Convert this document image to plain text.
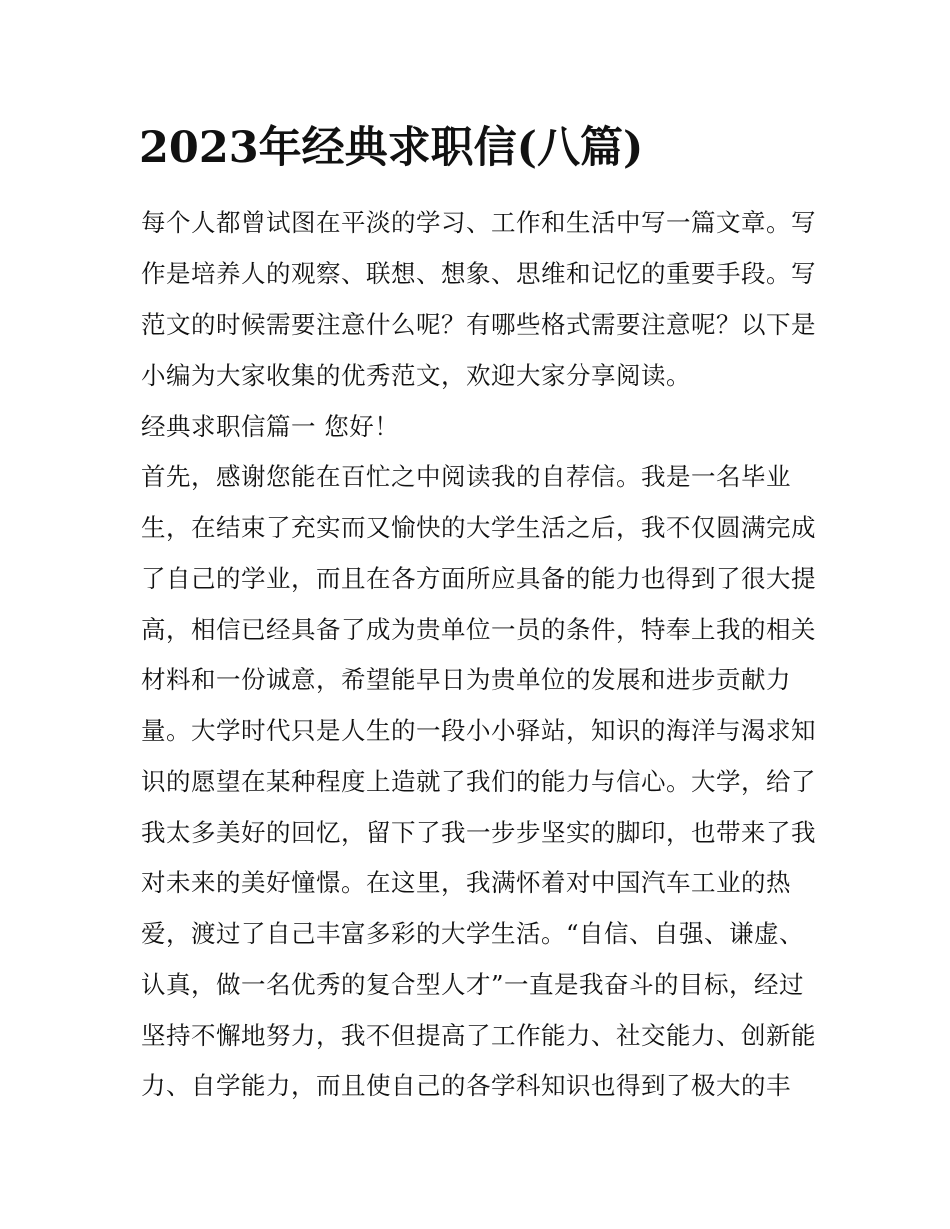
2023年经典求职信(八篇)

每个人都曾试图在平淡的学习、工作和生活中写一篇文章。写

作是培养人的观察、联想、想象、思维和记忆的重要手段。写

范文的时候需要注意什么呢？有哪些格式需要注意呢？以下是

小编为大家收集的优秀范文，欢迎大家分享阅读。

经典求职信篇一 您好！

首先，感谢您能在百忙之中阅读我的自荐信。我是一名毕业

生，在结束了充实而又愉快的大学生活之后，我不仅圆满完成

了自己的学业，而且在各方面所应具备的能力也得到了很大提

高，相信已经具备了成为贵单位一员的条件，特奉上我的相关

材料和一份诚意，希望能早日为贵单位的发展和进步贡献力

量。大学时代只是人生的一段小小驿站，知识的海洋与渴求知

识的愿望在某种程度上造就了我们的能力与信心。大学，给了

我太多美好的回忆，留下了我一步步坚实的脚印，也带来了我

对未来的美好憧憬。在这里，我满怀着对中国汽车工业的热

爱，渡过了自己丰富多彩的大学生活。“自信、自强、谦虚、

认真，做一名优秀的复合型人才”一直是我奋斗的目标，经过

坚持不懈地努力，我不但提高了工作能力、社交能力、创新能

力、自学能力，而且使自己的各学科知识也得到了极大的丰
